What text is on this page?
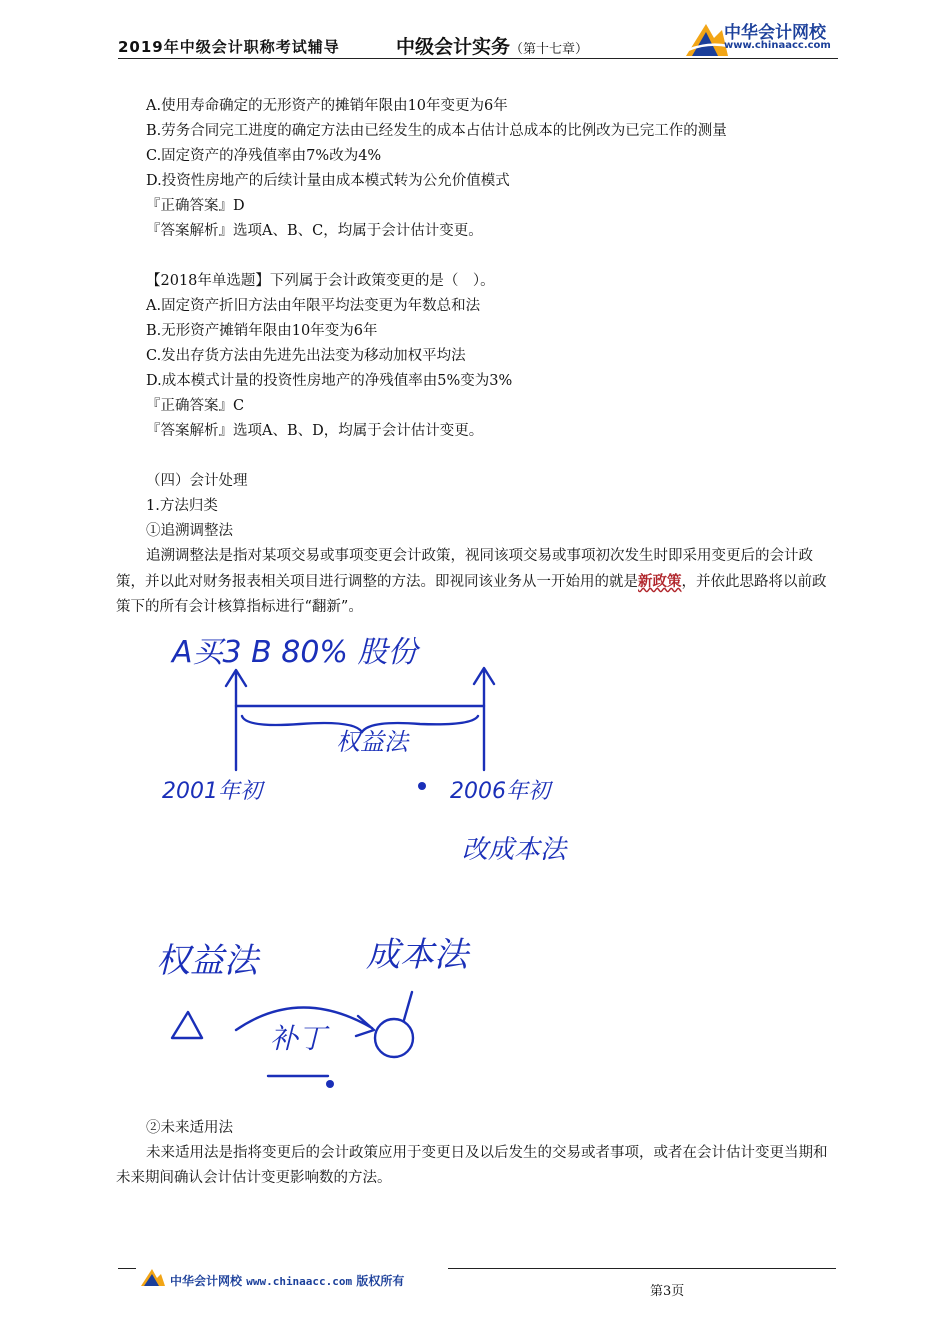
2019年中级会计职称考试辅导	中级会计实务（第十七章）
中华会计网校
www.chinaacc.com

A.使用寿命确定的无形资产的摊销年限由10年变更为6年

B.劳务合同完工进度的确定方法由已经发生的成本占估计总成本的比例改为已完工作的测量

C.固定资产的净残值率由7%改为4%

D.投资性房地产的后续计量由成本模式转为公允价值模式

『正确答案』D

『答案解析』选项A、B、C，均属于会计估计变更。

【2018年单选题】下列属于会计政策变更的是（　）。

A.固定资产折旧方法由年限平均法变更为年数总和法

B.无形资产摊销年限由10年变为6年

C.发出存货方法由先进先出法变为移动加权平均法

D.成本模式计量的投资性房地产的净残值率由5%变为3%

『正确答案』C

『答案解析』选项A、B、D，均属于会计估计变更。

（四）会计处理

1.方法归类

①追溯调整法

追溯调整法是指对某项交易或事项变更会计政策，视同该项交易或事项初次发生时即采用变更后的会计政策，并以此对财务报表相关项目进行调整的方法。即视同该业务从一开始用的就是新政策，并依此思路将以前政策下的所有会计核算指标进行“翻新”。
A买3 B 80% 股份
2001年初
权益法
2006年初
改成本法
权益法	成本法
补丁

②未来适用法

未来适用法是指将变更后的会计政策应用于变更日及以后发生的交易或者事项，或者在会计估计变更当期和未来期间确认会计估计变更影响数的方法。
中华会计网校 www.chinaacc.com 版权所有
第3页
